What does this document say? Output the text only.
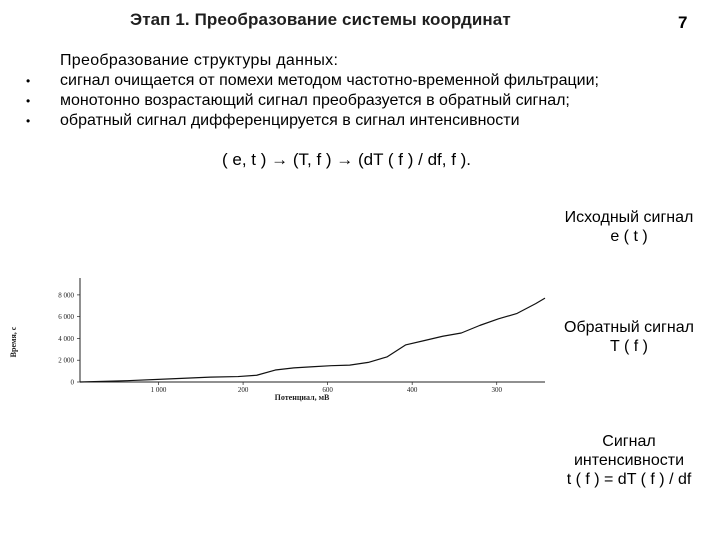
Этап 1. Преобразование системы координат	7
Преобразование структуры данных:
• сигнал очищается от помехи методом частотно-временной фильтрации;
• монотонно возрастающий сигнал преобразуется в обратный сигнал;
• обратный сигнал дифференцируется в сигнал интенсивности
( e, t ) → (T, f ) → (dT ( f ) / df, f ).
Исходный сигнал
e ( t )
Обратный сигнал
T ( f )
Сигнал
интенсивности
t ( f ) = dT ( f ) / df
0
2 000
4 000
6 000
8 000
1 000	200	600	400	300
Время, с
Потенциал, мВ
